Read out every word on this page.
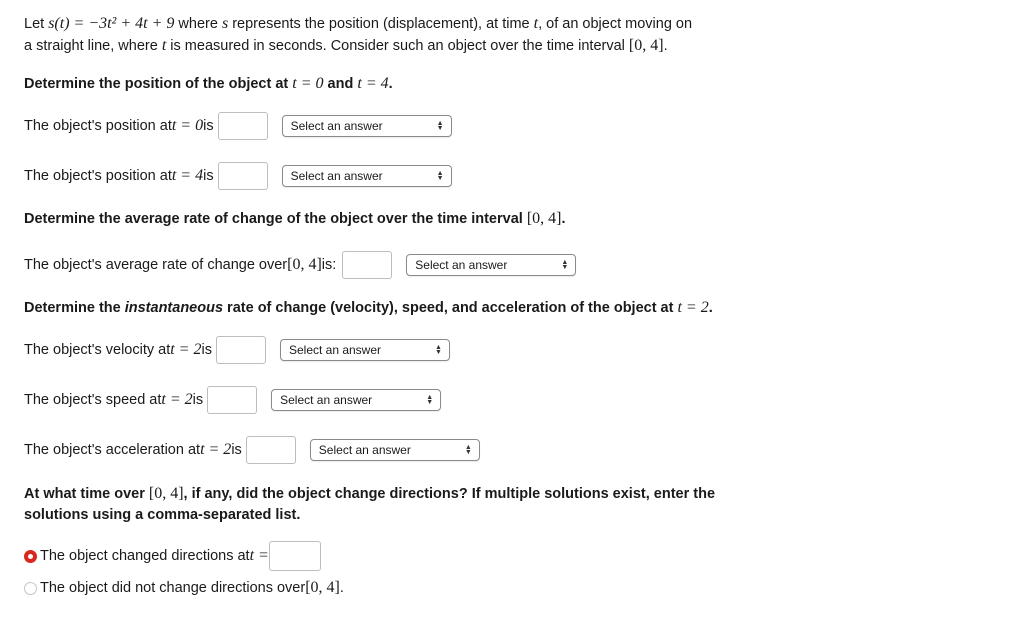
Let s(t) = −3t² + 4t + 9 where s represents the position (displacement), at time t, of an object moving on
a straight line, where t is measured in seconds. Consider such an object over the time interval [0, 4].
Determine the position of the object at t = 0 and t = 4.
The object's position at t = 0 is	Select an answer	▲
▼
The object's position at t = 4 is	Select an answer	▲
▼
Determine the average rate of change of the object over the time interval [0, 4].
The object's average rate of change over [0, 4] is:	Select an answer	▲
▼
Determine the instantaneous rate of change (velocity), speed, and acceleration of the object at t = 2.
The object's velocity at t = 2 is	Select an answer	▲
▼
The object's speed at t = 2 is	Select an answer	▲
▼
The object's acceleration at t = 2 is	Select an answer	▲
▼
At what time over [0, 4], if any, did the object change directions? If multiple solutions exist, enter the
solutions using a comma-separated list.
The object changed directions at t =
The object did not change directions over [0, 4] .
